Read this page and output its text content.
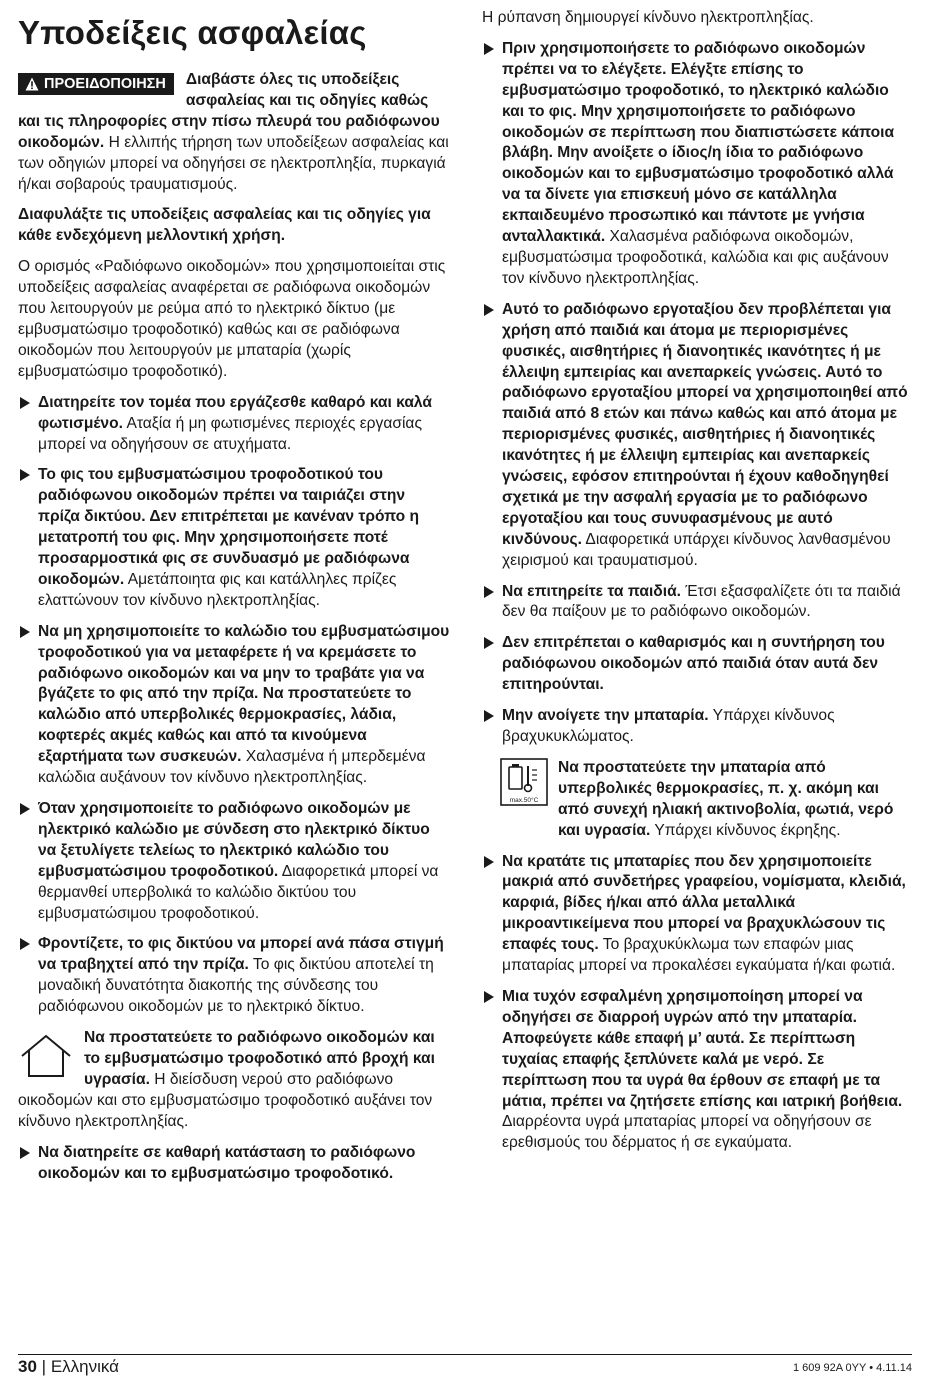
Υποδείξεις ασφαλείας

ΠΡΟΕΙΔΟΠΟΙΗΣΗ Διαβάστε όλες τις υποδείξεις ασφαλείας και τις οδηγίες καθώς και τις πληροφορίες στην πίσω πλευρά του ραδιόφωνου οικοδομών. Η ελλιπής τήρηση των υποδείξεων ασφαλείας και των οδηγιών μπορεί να οδηγήσει σε ηλεκτροπληξία, πυρκαγιά ή/και σοβαρούς τραυματισμούς.

Διαφυλάξτε τις υποδείξεις ασφαλείας και τις οδηγίες για κάθε ενδεχόμενη μελλοντική χρήση.

Ο ορισμός «Ραδιόφωνο οικοδομών» που χρησιμοποιείται στις υποδείξεις ασφαλείας αναφέρεται σε ραδιόφωνα οικοδομών που λειτουργούν με ρεύμα από το ηλεκτρικό δίκτυο (με εμβυσματώσιμο τροφοδοτικό) καθώς και σε ραδιόφωνα οικοδομών που λειτουργούν με μπαταρία (χωρίς εμβυσματώσιμο τροφοδοτικό).

Διατηρείτε τον τομέα που εργάζεσθε καθαρό και καλά φωτισμένο. Αταξία ή μη φωτισμένες περιοχές εργασίας μπορεί να οδηγήσουν σε ατυχήματα.
Το φις του εμβυσματώσιμου τροφοδοτικού του ραδιόφωνου οικοδομών πρέπει να ταιριάζει στην πρίζα δικτύου. Δεν επιτρέπεται με κανέναν τρόπο η μετατροπή του φις. Μην χρησιμοποιήσετε ποτέ προσαρμοστικά φις σε συνδυασμό με ραδιόφωνα οικοδομών. Αμετάποιητα φις και κατάλληλες πρίζες ελαττώνουν τον κίνδυνο ηλεκτροπληξίας.
Να μη χρησιμοποιείτε το καλώδιο του εμβυσματώσιμου τροφοδοτικού για να μεταφέρετε ή να κρεμάσετε το ραδιόφωνο οικοδομών και να μην το τραβάτε για να βγάζετε το φις από την πρίζα. Να προστατεύετε το καλώδιο από υπερβολικές θερμοκρασίες, λάδια, κοφτερές ακμές καθώς και από τα κινούμενα εξαρτήματα των συσκευών. Χαλασμένα ή μπερδεμένα καλώδια αυξάνουν τον κίνδυνο ηλεκτροπληξίας.
Όταν χρησιμοποιείτε το ραδιόφωνο οικοδομών με ηλεκτρικό καλώδιο με σύνδεση στο ηλεκτρικό δίκτυο να ξετυλίγετε τελείως το ηλεκτρικό καλώδιο του εμβυσματώσιμου τροφοδοτικού. Διαφορετικά μπορεί να θερμανθεί υπερβολικά το καλώδιο δικτύου του εμβυσματώσιμου τροφοδοτικού.
Φροντίζετε, το φις δικτύου να μπορεί ανά πάσα στιγμή να τραβηχτεί από την πρίζα. Το φις δικτύου αποτελεί τη μοναδική δυνατότητα διακοπής της σύνδεσης του ραδιόφωνου οικοδομών με το ηλεκτρικό δίκτυο.

Να προστατεύετε το ραδιόφωνο οικοδομών και το εμβυσματώσιμο τροφοδοτικό από βροχή και υγρασία. Η διείσδυση νερού στο ραδιόφωνο οικοδομών και στο εμβυσματώσιμο τροφοδοτικό αυξάνει τον κίνδυνο ηλεκτροπληξίας.

Να διατηρείτε σε καθαρή κατάσταση το ραδιόφωνο οικοδομών και το εμβυσματώσιμο τροφοδοτικό.

Η ρύπανση δημιουργεί κίνδυνο ηλεκτροπληξίας.

Πριν χρησιμοποιήσετε το ραδιόφωνο οικοδομών πρέπει να το ελέγξετε. Ελέγξτε επίσης το εμβυσματώσιμο τροφοδοτικό, το ηλεκτρικό καλώδιο και το φις. Μην χρησιμοποιήσετε το ραδιόφωνο οικοδομών σε περίπτωση που διαπιστώσετε κάποια βλάβη. Μην ανοίξετε ο ίδιος/η ίδια το ραδιόφωνο οικοδομών και το εμβυσματώσιμο τροφοδοτικό αλλά να τα δίνετε για επισκευή μόνο σε κατάλληλα εκπαιδευμένο προσωπικό και πάντοτε με γνήσια ανταλλακτικά. Χαλασμένα ραδιόφωνα οικοδομών, εμβυσματώσιμα τροφοδοτικά, καλώδια και φις αυξάνουν τον κίνδυνο ηλεκτροπληξίας.
Αυτό το ραδιόφωνο εργοταξίου δεν προβλέπεται για χρήση από παιδιά και άτομα με περιορισμένες φυσικές, αισθητήριες ή διανοητικές ικανότητες ή με έλλειψη εμπειρίας και ανεπαρκείς γνώσεις. Αυτό το ραδιόφωνο εργοταξίου μπορεί να χρησιμοποιηθεί από παιδιά από 8 ετών και πάνω καθώς και από άτομα με περιορισμένες φυσικές, αισθητήριες ή διανοητικές ικανότητες ή με έλλειψη εμπειρίας και ανεπαρκείς γνώσεις, εφόσον επιτηρούνται ή έχουν καθοδηγηθεί σχετικά με την ασφαλή εργασία με το ραδιόφωνο εργοταξίου και τους συνυφασμένους με αυτό κινδύνους. Διαφορετικά υπάρχει κίνδυνος λανθασμένου χειρισμού και τραυματισμού.
Να επιτηρείτε τα παιδιά. Έτσι εξασφαλίζετε ότι τα παιδιά δεν θα παίξουν με το ραδιόφωνο οικοδομών.
Δεν επιτρέπεται ο καθαρισμός και η συντήρηση του ραδιόφωνου οικοδομών από παιδιά όταν αυτά δεν επιτηρούνται.
Μην ανοίγετε την μπαταρία. Υπάρχει κίνδυνος βραχυκυκλώματος.
max.50°C
Να προστατεύετε την μπαταρία από υπερβολικές θερμοκρασίες, π. χ. ακόμη και από συνεχή ηλιακή ακτινοβολία, φωτιά, νερό και υγρασία. Υπάρχει κίνδυνος έκρηξης.
Να κρατάτε τις μπαταρίες που δεν χρησιμοποιείτε μακριά από συνδετήρες γραφείου, νομίσματα, κλειδιά, καρφιά, βίδες ή/και από άλλα μεταλλικά μικροαντικείμενα που μπορεί να βραχυκλώσουν τις επαφές τους. Το βραχυκύκλωμα των επαφών μιας μπαταρίας μπορεί να προκαλέσει εγκαύματα ή/και φωτιά.
Μια τυχόν εσφαλμένη χρησιμοποίηση μπορεί να οδηγήσει σε διαρροή υγρών από την μπαταρία. Αποφεύγετε κάθε επαφή μ’ αυτά. Σε περίπτωση τυχαίας επαφής ξεπλύνετε καλά με νερό. Σε περίπτωση που τα υγρά θα έρθουν σε επαφή με τα μάτια, πρέπει να ζητήσετε επίσης και ιατρική βοήθεια. Διαρρέοντα υγρά μπαταρίας μπορεί να οδηγήσουν σε ερεθισμούς του δέρματος ή σε εγκαύματα.
30 | Ελληνικά	1 609 92A 0YY • 4.11.14
